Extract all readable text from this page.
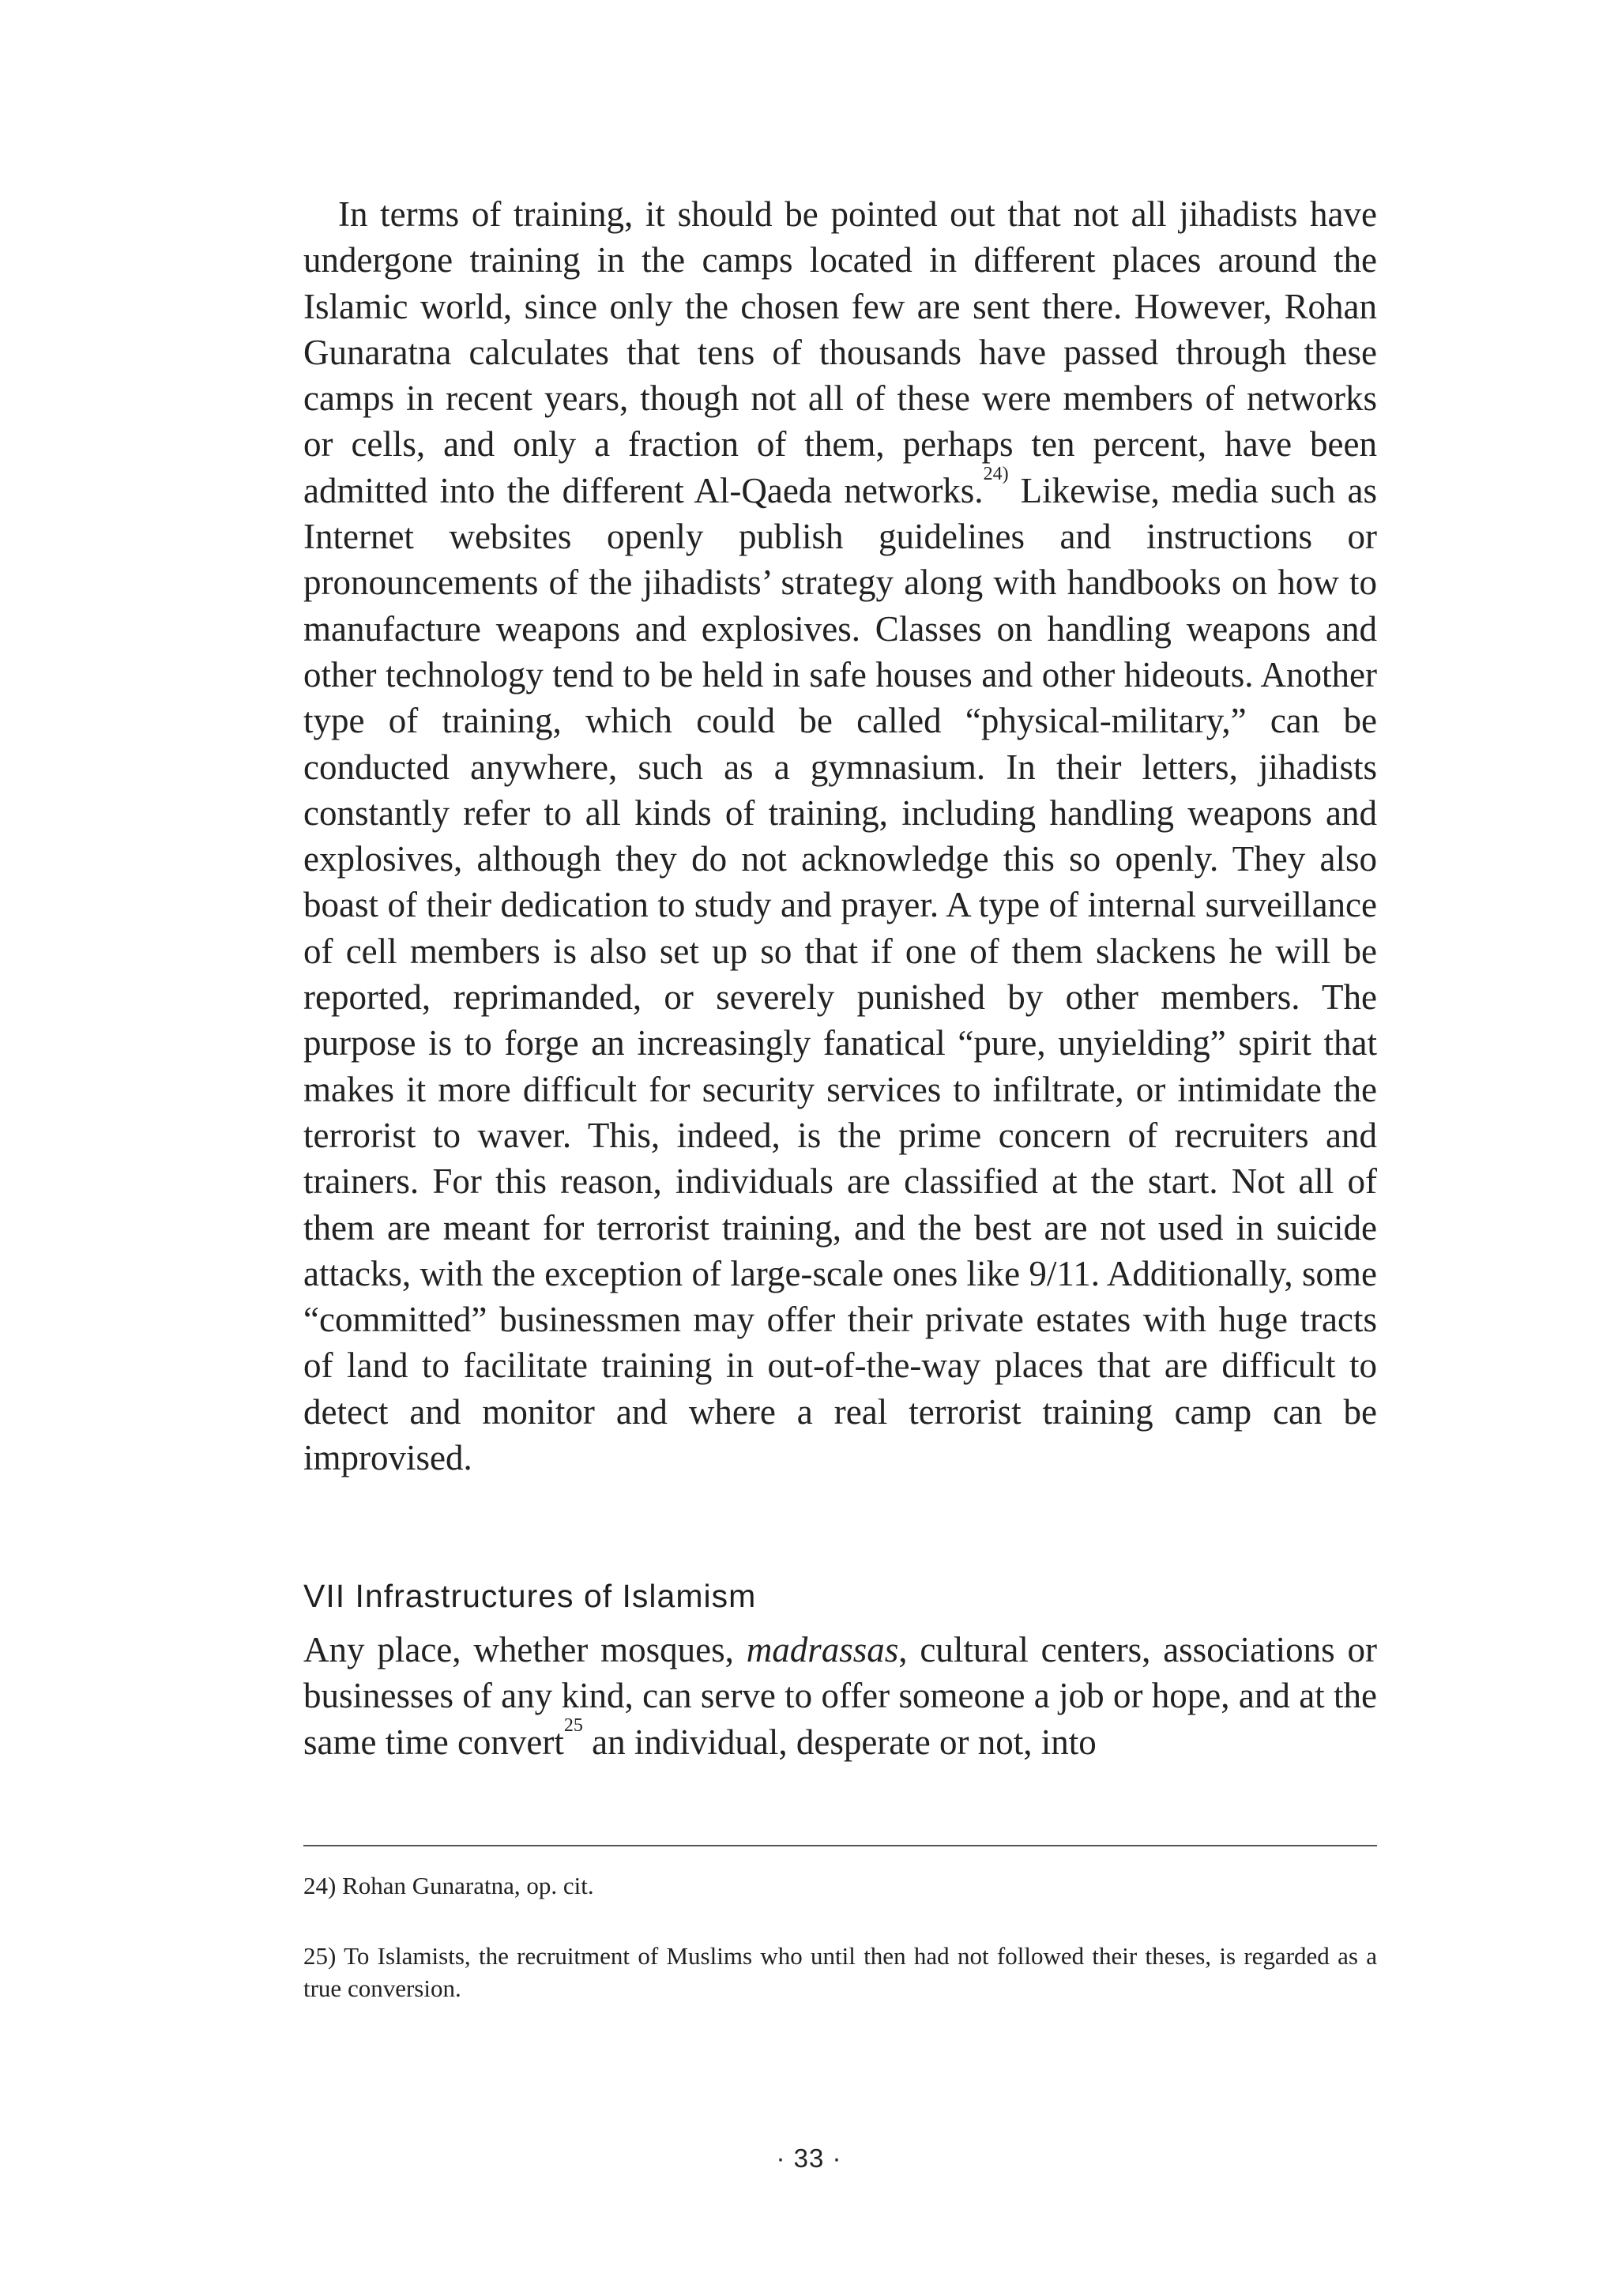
In terms of training, it should be pointed out that not all jihadists have undergone training in the camps located in different places around the Islamic world, since only the chosen few are sent there. However, Rohan Gunaratna calculates that tens of thousands have passed through these camps in recent years, though not all of these were members of networks or cells, and only a fraction of them, perhaps ten percent, have been admitted into the different Al-Qaeda networks.$^{24)}$ Likewise, media such as Internet websites openly publish guidelines and instructions or pronouncements of the jihadists’ strategy along with handbooks on how to manufacture weapons and explosives. Classes on handling weapons and other technology tend to be held in safe houses and other hideouts. Another type of training, which could be called “physical-military,” can be conducted anywhere, such as a gymnasium. In their letters, jihadists constantly refer to all kinds of training, including handling weapons and explosives, although they do not acknowledge this so openly. They also boast of their dedication to study and prayer. A type of internal surveillance of cell members is also set up so that if one of them slackens he will be reported, reprimanded, or severely punished by other members. The purpose is to forge an increasingly fanatical “pure, unyielding” spirit that makes it more difficult for security services to infiltrate, or intimidate the terrorist to waver. This, indeed, is the prime concern of recruiters and trainers. For this reason, individuals are classified at the start. Not all of them are meant for terrorist training, and the best are not used in suicide attacks, with the exception of large-scale ones like 9/11. Additionally, some “committed” businessmen may offer their private estates with huge tracts of land to facilitate training in out-of-the-way places that are difficult to detect and monitor and where a real terrorist training camp can be improvised.

VII Infrastructures of Islamism

Any place, whether mosques, madrassas, cultural centers, associations or businesses of any kind, can serve to offer someone a job or hope, and at the same time convert$^{25}$ an individual, desperate or not, into

24) Rohan Gunaratna, op. cit.

25) To Islamists, the recruitment of Muslims who until then had not followed their theses, is regarded as a true conversion.

· 33 ·
